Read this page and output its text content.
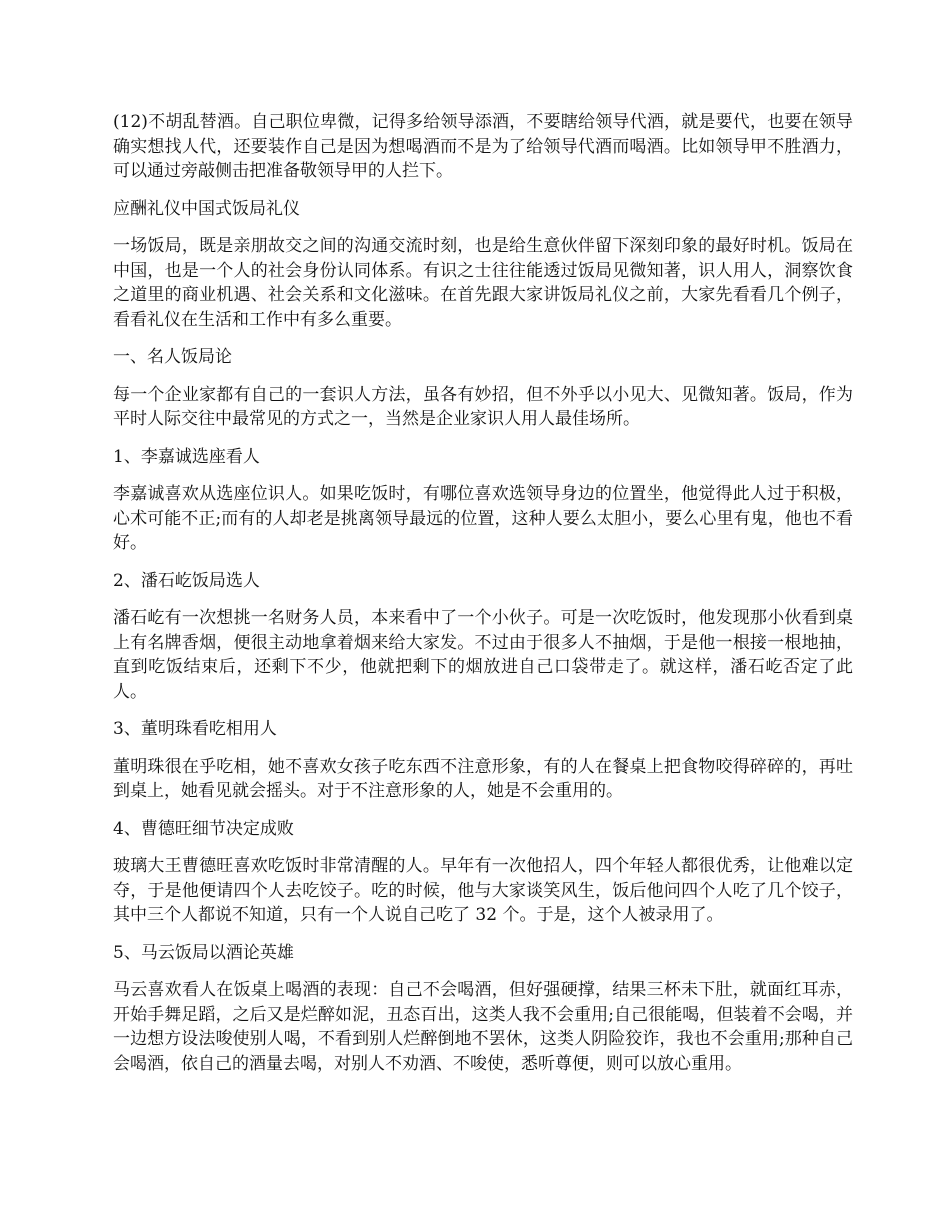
(12)不胡乱替酒。自己职位卑微，记得多给领导添酒，不要瞎给领导代酒，就是要代，也要在领导确实想找人代，还要装作自己是因为想喝酒而不是为了给领导代酒而喝酒。比如领导甲不胜酒力，可以通过旁敲侧击把准备敬领导甲的人拦下。

应酬礼仪中国式饭局礼仪

一场饭局，既是亲朋故交之间的沟通交流时刻，也是给生意伙伴留下深刻印象的最好时机。饭局在中国，也是一个人的社会身份认同体系。有识之士往往能透过饭局见微知著，识人用人，洞察饮食之道里的商业机遇、社会关系和文化滋味。在首先跟大家讲饭局礼仪之前，大家先看看几个例子，看看礼仪在生活和工作中有多么重要。

一、名人饭局论

每一个企业家都有自己的一套识人方法，虽各有妙招，但不外乎以小见大、见微知著。饭局，作为平时人际交往中最常见的方式之一，当然是企业家识人用人最佳场所。

1、李嘉诚选座看人

李嘉诚喜欢从选座位识人。如果吃饭时，有哪位喜欢选领导身边的位置坐，他觉得此人过于积极，心术可能不正;而有的人却老是挑离领导最远的位置，这种人要么太胆小，要么心里有鬼，他也不看好。

2、潘石屹饭局选人

潘石屹有一次想挑一名财务人员，本来看中了一个小伙子。可是一次吃饭时，他发现那小伙看到桌上有名牌香烟，便很主动地拿着烟来给大家发。不过由于很多人不抽烟，于是他一根接一根地抽，直到吃饭结束后，还剩下不少，他就把剩下的烟放进自己口袋带走了。就这样，潘石屹否定了此人。

3、董明珠看吃相用人

董明珠很在乎吃相，她不喜欢女孩子吃东西不注意形象，有的人在餐桌上把食物咬得碎碎的，再吐到桌上，她看见就会摇头。对于不注意形象的人，她是不会重用的。

4、曹德旺细节决定成败

玻璃大王曹德旺喜欢吃饭时非常清醒的人。早年有一次他招人，四个年轻人都很优秀，让他难以定夺，于是他便请四个人去吃饺子。吃的时候，他与大家谈笑风生，饭后他问四个人吃了几个饺子，其中三个人都说不知道，只有一个人说自己吃了 32 个。于是，这个人被录用了。

5、马云饭局以酒论英雄

马云喜欢看人在饭桌上喝酒的表现：自己不会喝酒，但好强硬撑，结果三杯未下肚，就面红耳赤，开始手舞足蹈，之后又是烂醉如泥，丑态百出，这类人我不会重用;自己很能喝，但装着不会喝，并一边想方设法唆使别人喝，不看到别人烂醉倒地不罢休，这类人阴险狡诈，我也不会重用;那种自己会喝酒，依自己的酒量去喝，对别人不劝酒、不唆使，悉听尊便，则可以放心重用。
